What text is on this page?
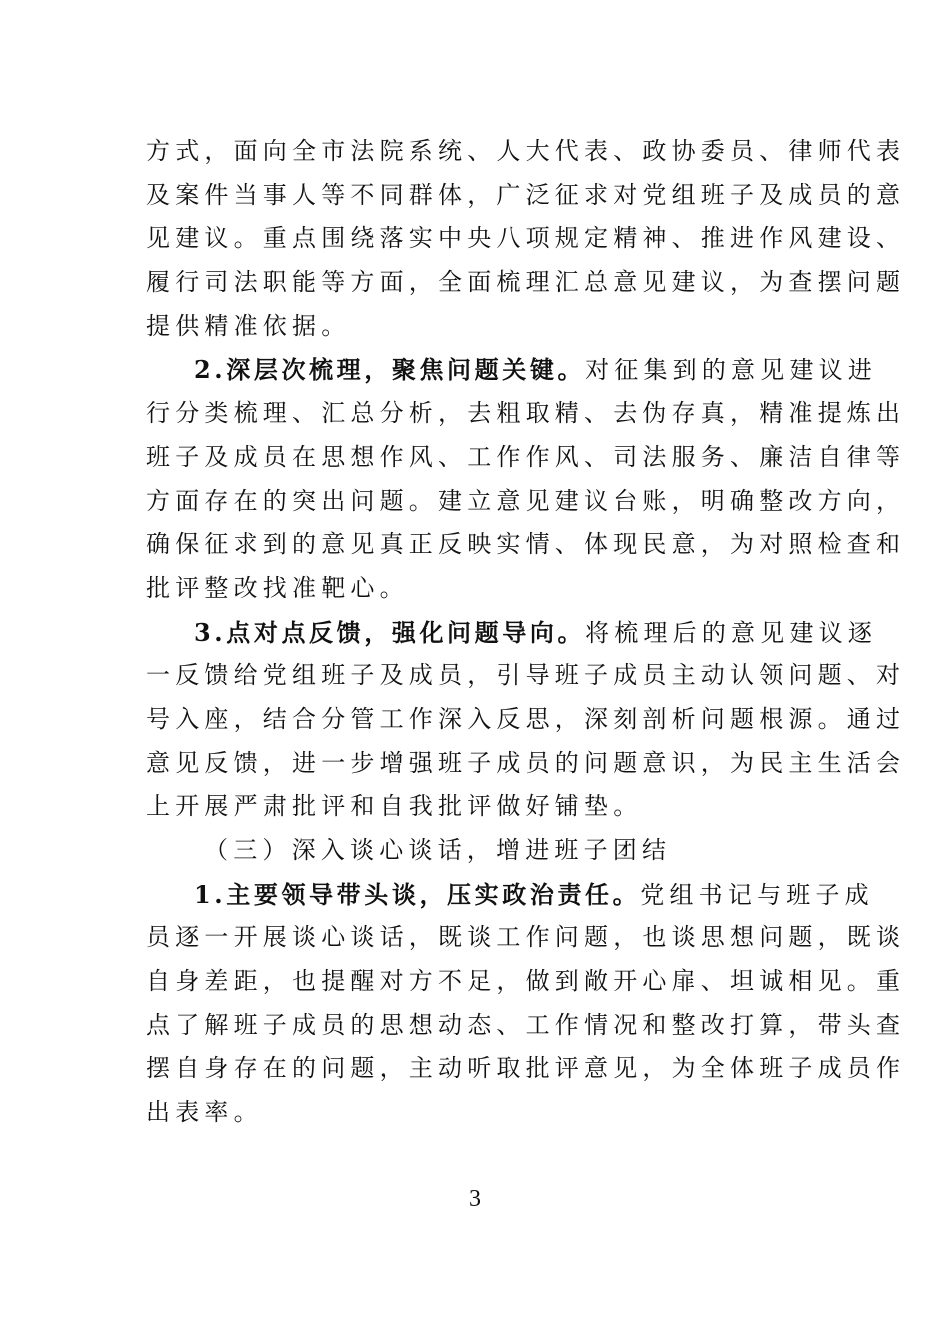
方式，面向全市法院系统、人大代表、政协委员、律师代表
及案件当事人等不同群体，广泛征求对党组班子及成员的意
见建议。重点围绕落实中央八项规定精神、推进作风建设、
履行司法职能等方面，全面梳理汇总意见建议，为查摆问题
提供精准依据。
2.深层次梳理，聚焦问题关键。对征集到的意见建议进
行分类梳理、汇总分析，去粗取精、去伪存真，精准提炼出
班子及成员在思想作风、工作作风、司法服务、廉洁自律等
方面存在的突出问题。建立意见建议台账，明确整改方向，
确保征求到的意见真正反映实情、体现民意，为对照检查和
批评整改找准靶心。
3.点对点反馈，强化问题导向。将梳理后的意见建议逐
一反馈给党组班子及成员，引导班子成员主动认领问题、对
号入座，结合分管工作深入反思，深刻剖析问题根源。通过
意见反馈，进一步增强班子成员的问题意识，为民主生活会
上开展严肃批评和自我批评做好铺垫。
（三）深入谈心谈话，增进班子团结
1.主要领导带头谈，压实政治责任。党组书记与班子成
员逐一开展谈心谈话，既谈工作问题，也谈思想问题，既谈
自身差距，也提醒对方不足，做到敞开心扉、坦诚相见。重
点了解班子成员的思想动态、工作情况和整改打算，带头查
摆自身存在的问题，主动听取批评意见，为全体班子成员作
出表率。
3
